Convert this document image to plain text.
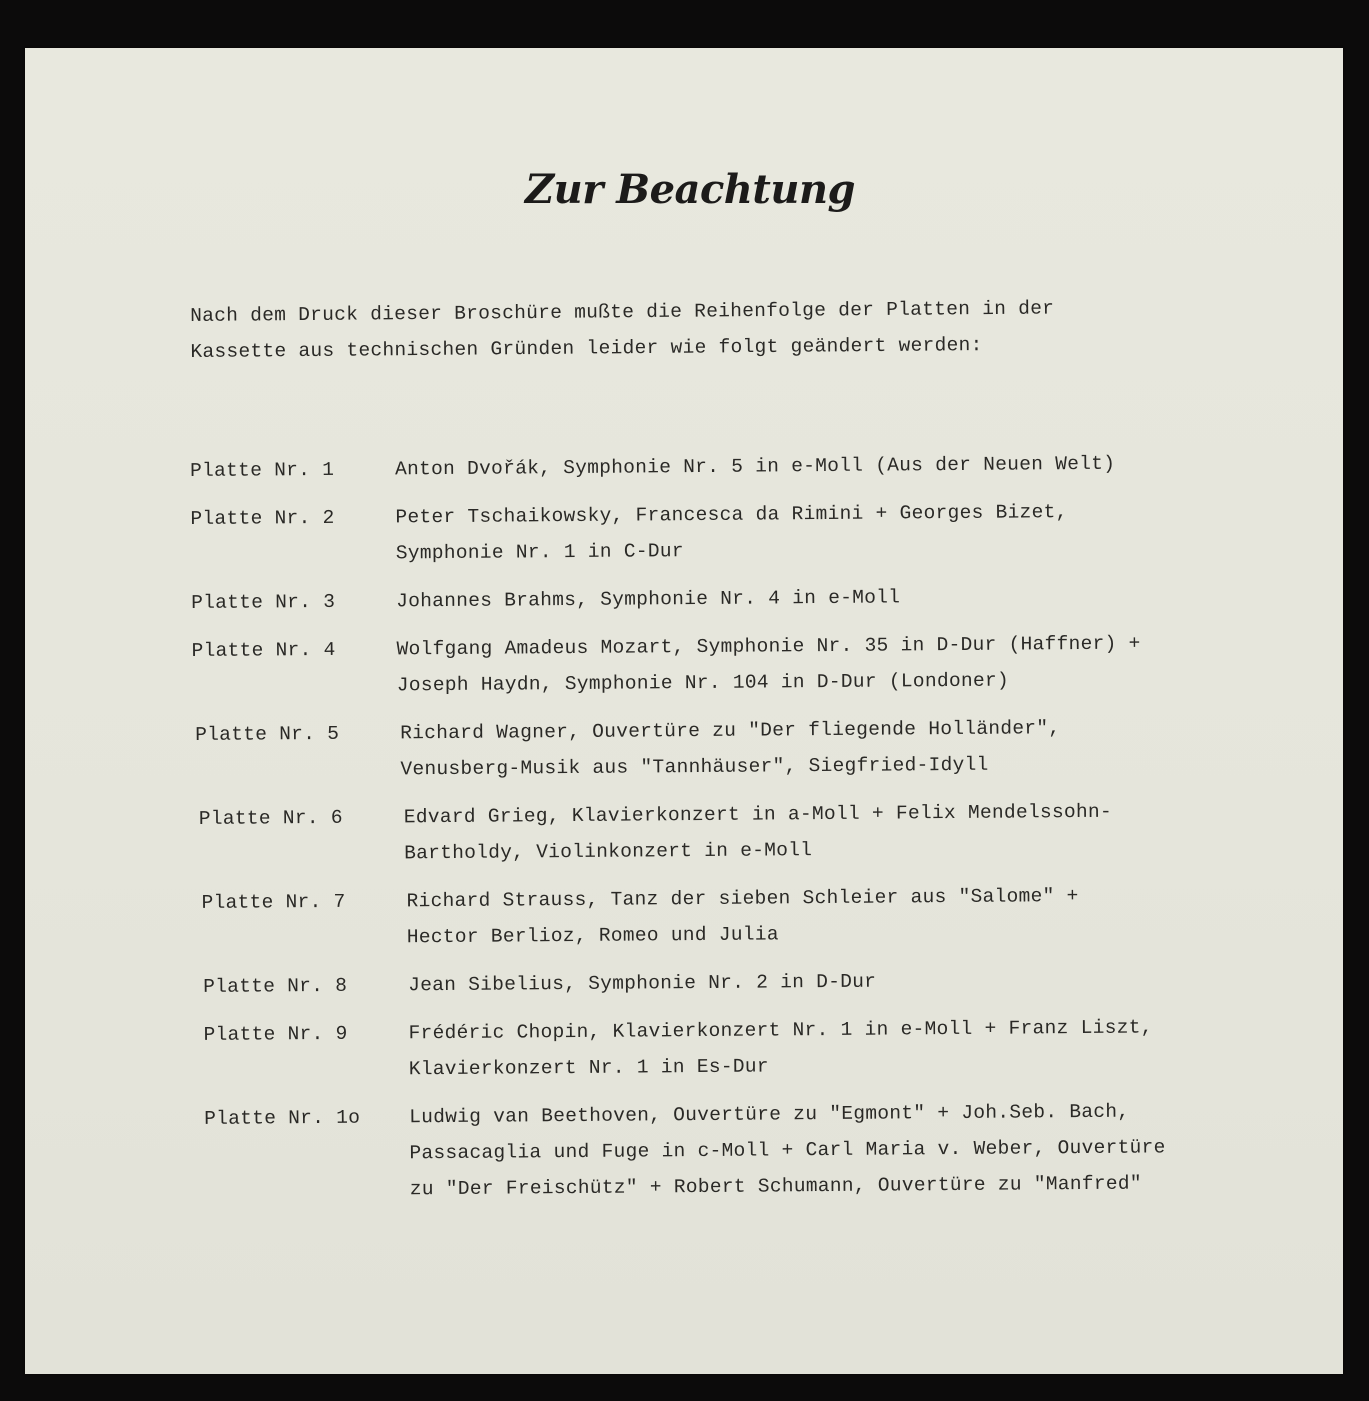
Zur Beachtung

Nach dem Druck dieser Broschüre mußte die Reihenfolge der Platten in der
Kassette aus technischen Gründen leider wie folgt geändert werden:

Platte Nr. 1	Anton Dvořák, Symphonie Nr. 5 in e-Moll (Aus der Neuen Welt)
Platte Nr. 2	Peter Tschaikowsky, Francesca da Rimini + Georges Bizet,
Symphonie Nr. 1 in C-Dur
Platte Nr. 3	Johannes Brahms, Symphonie Nr. 4 in e-Moll
Platte Nr. 4	Wolfgang Amadeus Mozart, Symphonie Nr. 35 in D-Dur (Haffner) +
Joseph Haydn, Symphonie Nr. 104 in D-Dur (Londoner)
Platte Nr. 5	Richard Wagner, Ouvertüre zu "Der fliegende Holländer",
Venusberg-Musik aus "Tannhäuser", Siegfried-Idyll
Platte Nr. 6	Edvard Grieg, Klavierkonzert in a-Moll + Felix Mendelssohn-
Bartholdy, Violinkonzert in e-Moll
Platte Nr. 7	Richard Strauss, Tanz der sieben Schleier aus "Salome" +
Hector Berlioz, Romeo und Julia
Platte Nr. 8	Jean Sibelius, Symphonie Nr. 2 in D-Dur
Platte Nr. 9	Frédéric Chopin, Klavierkonzert Nr. 1 in e-Moll + Franz Liszt,
Klavierkonzert Nr. 1 in Es-Dur
Platte Nr. 1o	Ludwig van Beethoven, Ouvertüre zu "Egmont" + Joh.Seb. Bach,
Passacaglia und Fuge in c-Moll + Carl Maria v. Weber, Ouvertüre
zu "Der Freischütz" + Robert Schumann, Ouvertüre zu "Manfred"
